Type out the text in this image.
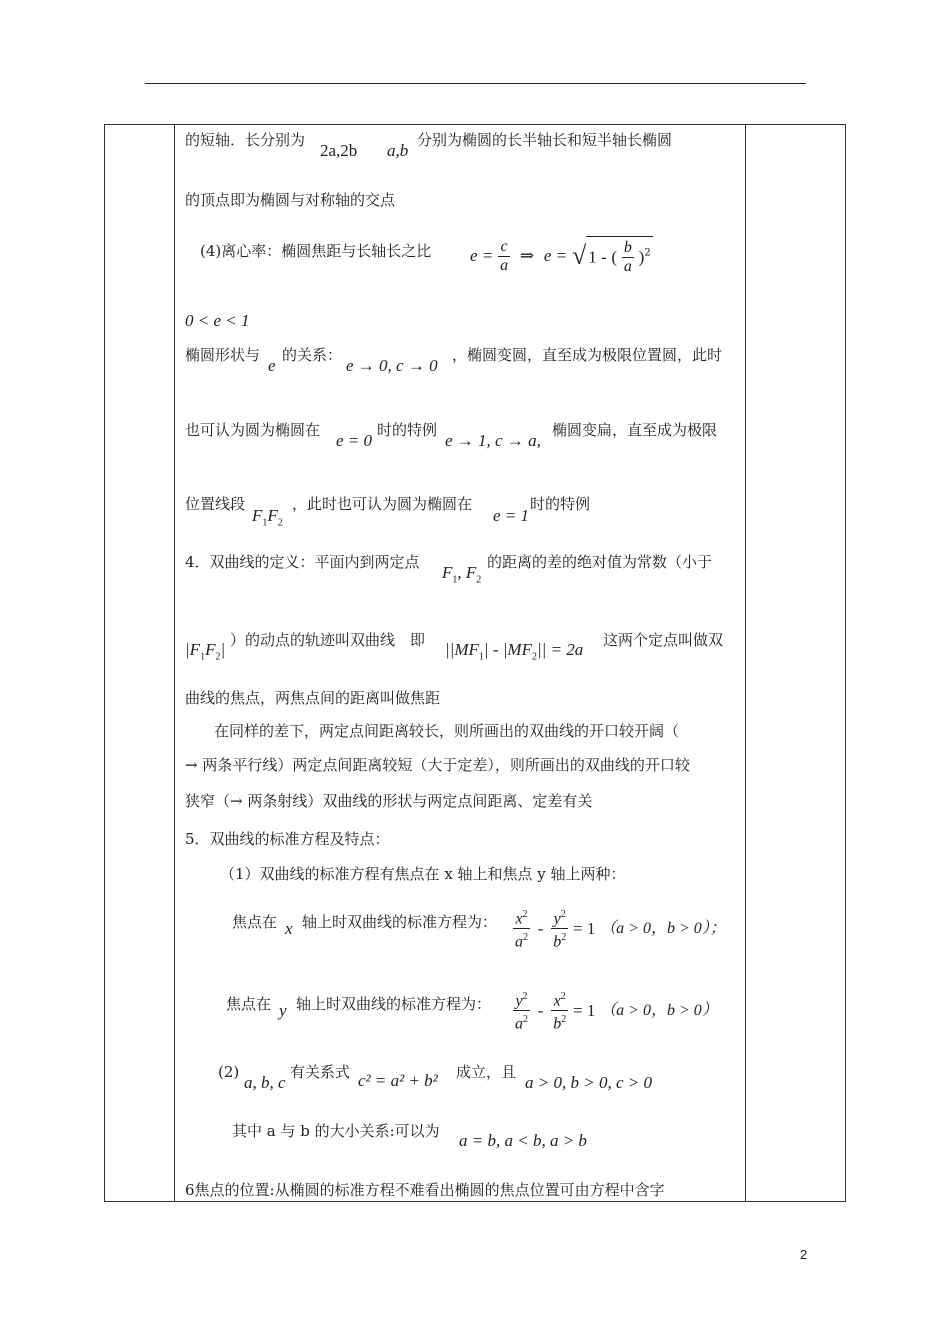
的短轴．长分别为
2a,2b a,b
分别为椭圆的长半轴长和短半轴长椭圆
的顶点即为椭圆与对称轴的交点
(4)离心率：椭圆焦距与长轴长之比 $e = \frac{c}{a}$ ⇒ e = √ 1 - ( $\frac{b}{a} )^2$
0 < e < 1
椭圆形状与
e
的关系：
e → 0, c → 0
，椭圆变圆，直至成为极限位置圆，此时
也可认为圆为椭圆在
e = 0
时的特例
e → 1, c → a,
椭圆变扁，直至成为极限
位置线段
$F_1F_2$
，此时也可认为圆为椭圆在
e = 1
时的特例
4．双曲线的定义：平面内到两定点
$F_1$, $F_2$
的距离的差的绝对值为常数（小于
$|F_1F_2|$ ）的动点的轨迹叫双曲线　即 $||MF_1| - |MF_2|| = 2a$ 这两个定点叫做双
曲线的焦点，两焦点间的距离叫做焦距
在同样的差下，两定点间距离较长，则所画出的双曲线的开口较开阔（
→ 两条平行线）两定点间距离较短（大于定差），则所画出的双曲线的开口较
狭窄（→ 两条射线）双曲线的形状与两定点间距离、定差有关
5．双曲线的标准方程及特点：
（1）双曲线的标准方程有焦点在 x 轴上和焦点 y 轴上两种：
焦点在 x 轴上时双曲线的标准方程为： $\frac{x^2}{a^2} - \frac{y^2}{b^2} = 1$ （a > 0，b > 0）；
焦点在 y 轴上时双曲线的标准方程为： $\frac{y^2}{a^2} - \frac{x^2}{b^2} = 1$ （a > 0，b > 0）
(2)
a, b, c
有关系式 c² = a² + b² 成立，且
a > 0, b > 0, c > 0
其中 a 与 b 的大小关系:可以为 a = b, a < b, a > b
6焦点的位置:从椭圆的标准方程不难看出椭圆的焦点位置可由方程中含字
2
